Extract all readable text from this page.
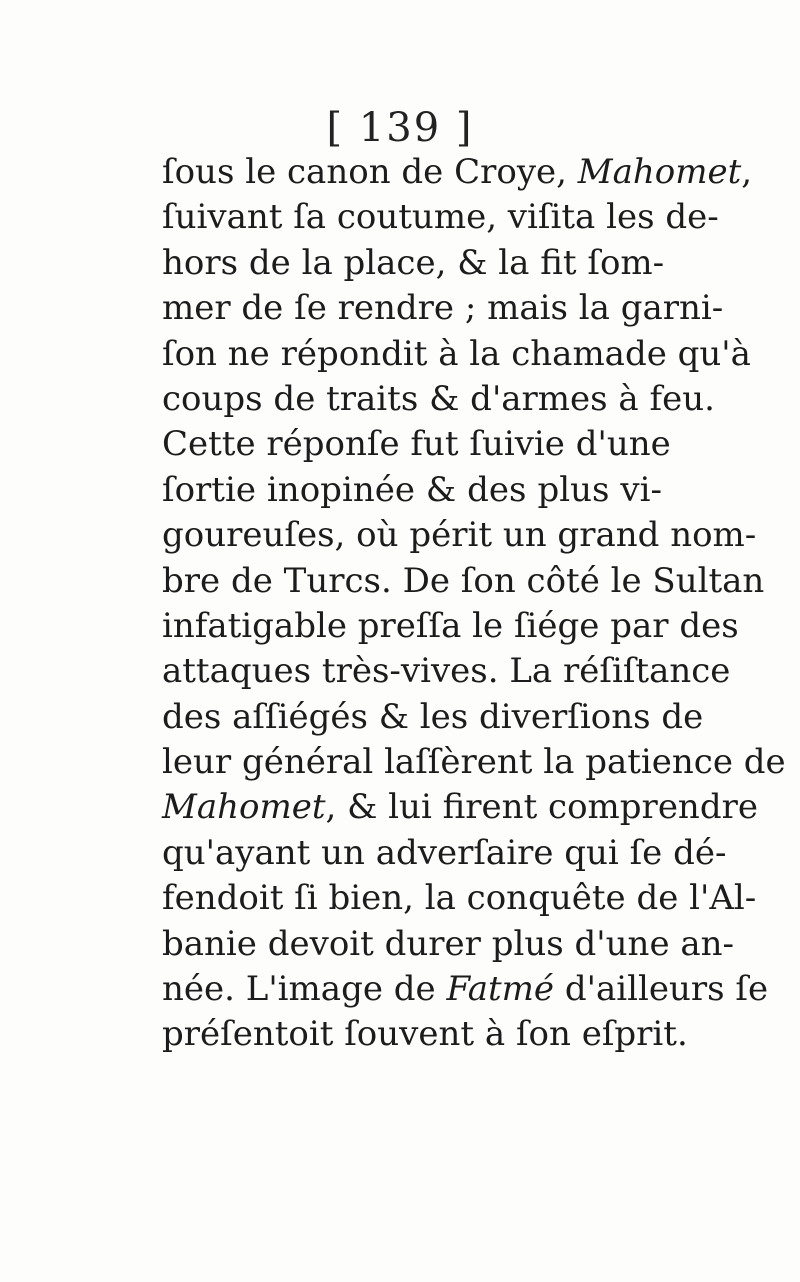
[ 139 ]
ſous le canon de Croye, Mahomet,
ſuivant ſa coutume, viſita les de-
hors de la place, & la fit ſom-
mer de ſe rendre ; mais la garni-
ſon ne répondit à la chamade qu'à
coups de traits & d'armes à feu.
Cette réponſe fut ſuivie d'une
ſortie inopinée & des plus vi-
goureuſes, où périt un grand nom-
bre de Turcs. De ſon côté le Sultan
infatigable preſſa le ſiége par des
attaques très-vives. La réſiſtance
des aſſiégés & les diverſions de
leur général laſſèrent la patience de
Mahomet, & lui firent comprendre
qu'ayant un adverſaire qui ſe dé-
fendoit ſi bien, la conquête de l'Al-
banie devoit durer plus d'une an-
née. L'image de Fatmé d'ailleurs ſe
préſentoit ſouvent à ſon eſprit.
